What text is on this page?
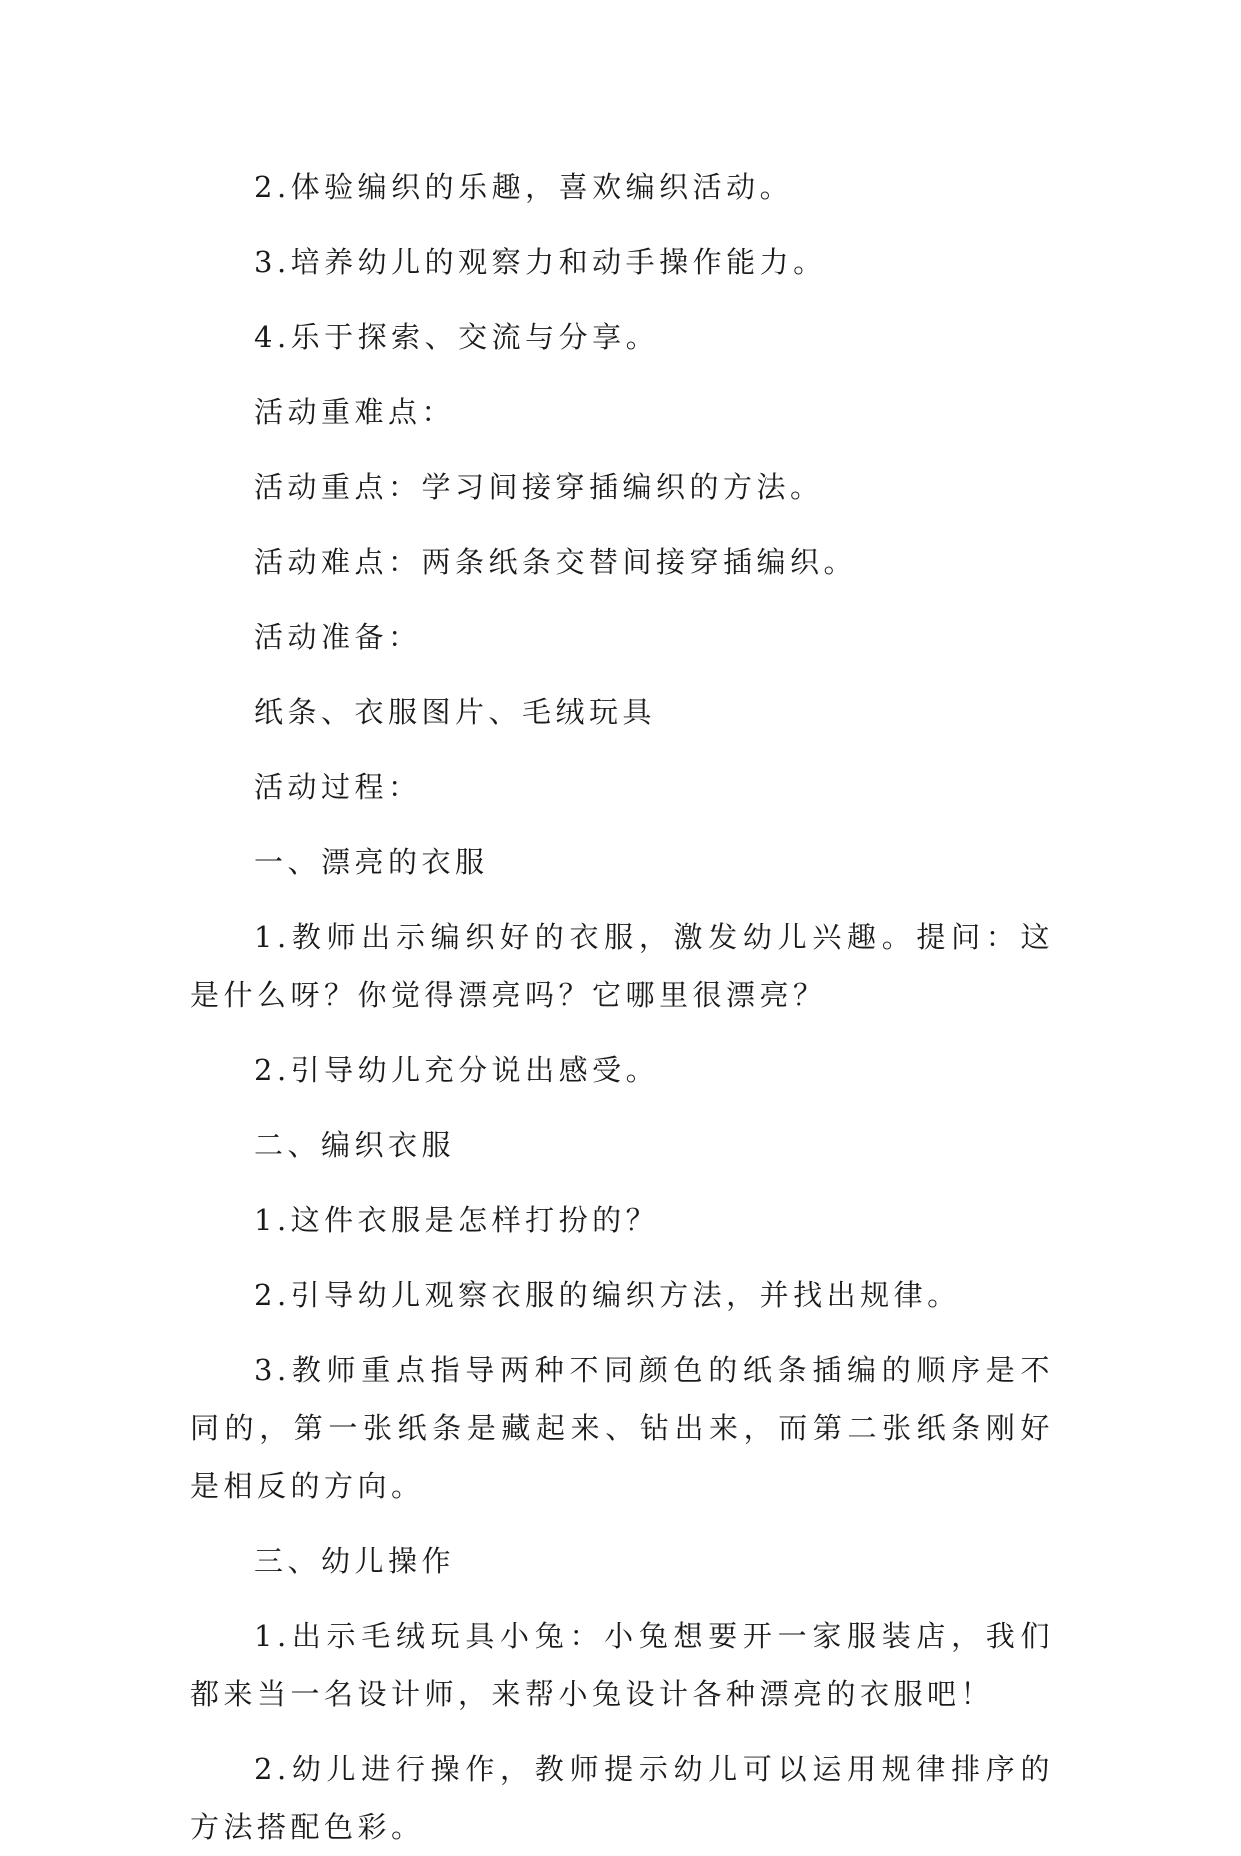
2.体验编织的乐趣，喜欢编织活动。

3.培养幼儿的观察力和动手操作能力。

4.乐于探索、交流与分享。

活动重难点：

活动重点：学习间接穿插编织的方法。

活动难点：两条纸条交替间接穿插编织。

活动准备：

纸条、衣服图片、毛绒玩具

活动过程：

一、漂亮的衣服

1.教师出示编织好的衣服，激发幼儿兴趣。提问：这是什么呀？你觉得漂亮吗？它哪里很漂亮？

2.引导幼儿充分说出感受。

二、编织衣服

1.这件衣服是怎样打扮的？

2.引导幼儿观察衣服的编织方法，并找出规律。

3.教师重点指导两种不同颜色的纸条插编的顺序是不同的，第一张纸条是藏起来、钻出来，而第二张纸条刚好是相反的方向。

三、幼儿操作

1.出示毛绒玩具小兔：小兔想要开一家服装店，我们都来当一名设计师，来帮小兔设计各种漂亮的衣服吧！

2.幼儿进行操作，教师提示幼儿可以运用规律排序的方法搭配色彩。
